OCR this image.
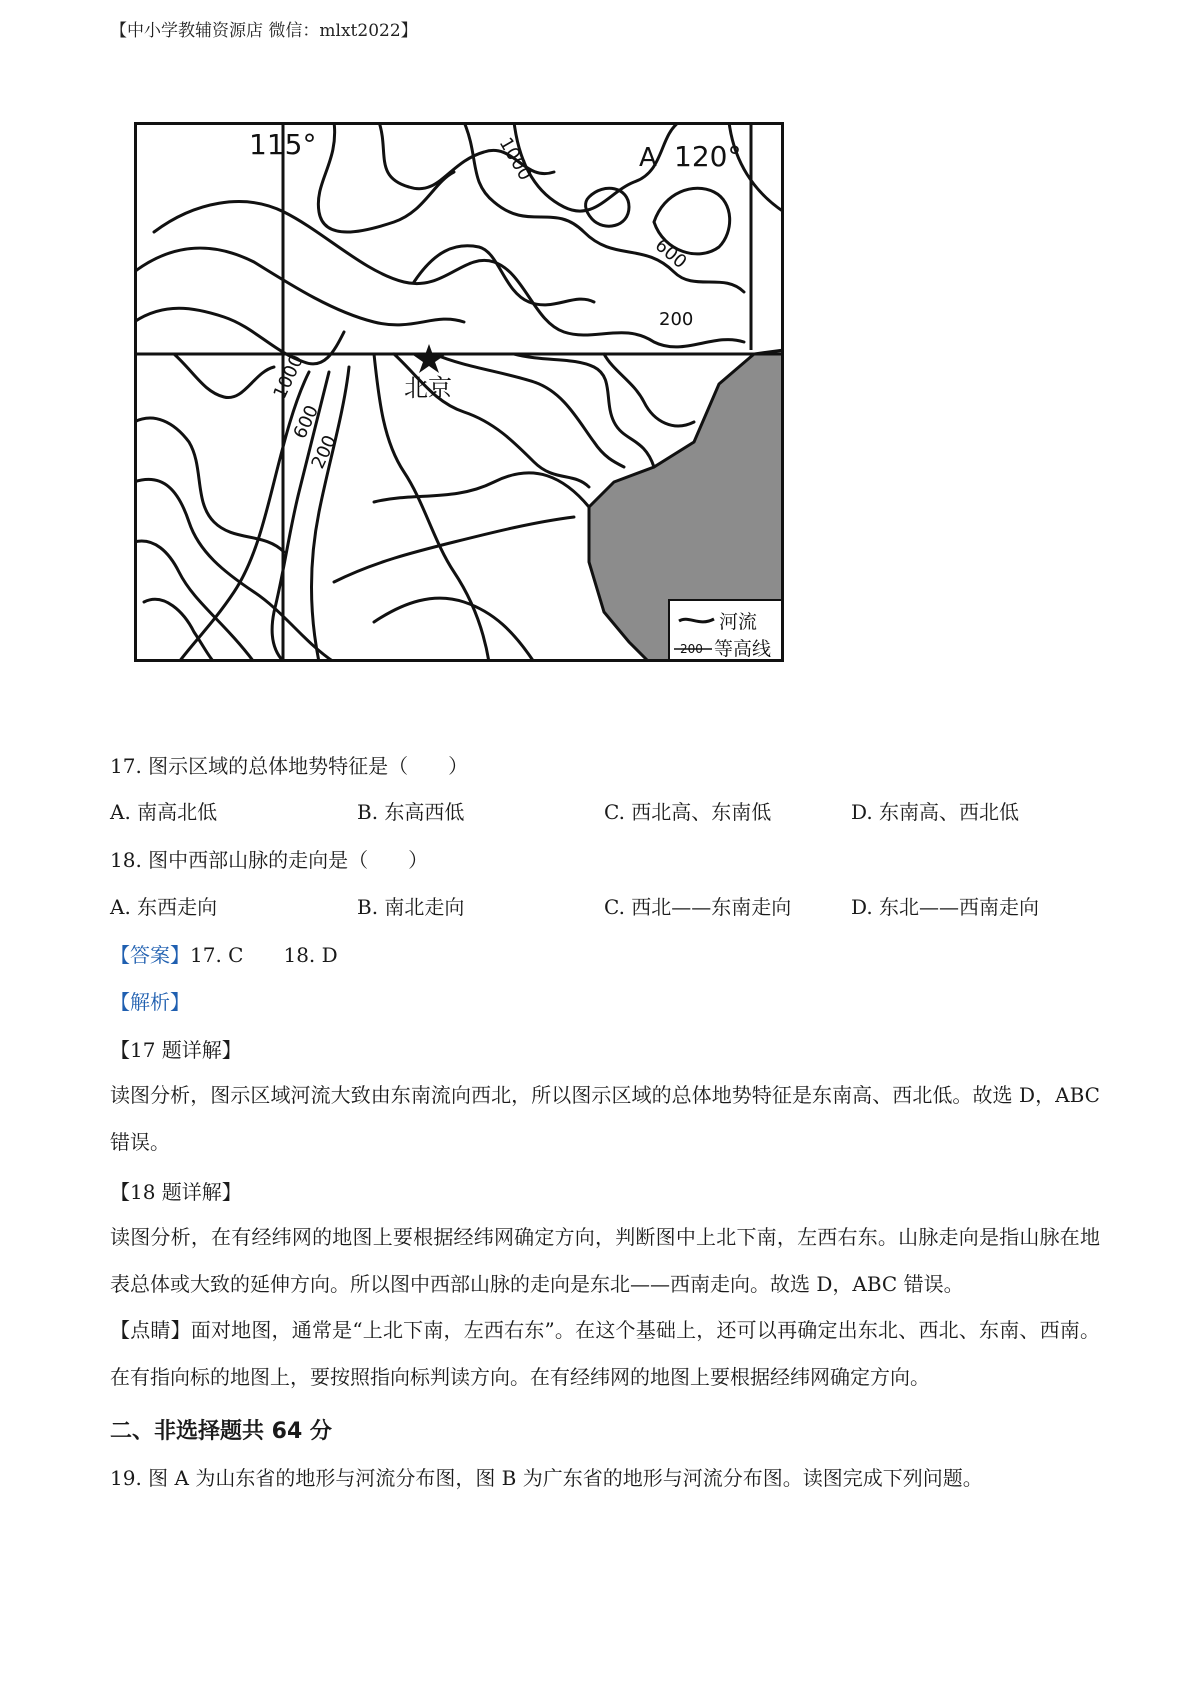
【中小学教辅资源店 微信：mlxt2022】
115°	120°
A
北京
1000
600
200
1000
600
200
河流
200 等高线
17. 图示区域的总体地势特征是（　　）
A. 南高北低	B. 东高西低	C. 西北高、东南低	D. 东南高、西北低
18. 图中西部山脉的走向是（　　）
A. 东西走向	B. 南北走向	C. 西北——东南走向	D. 东北——西南走向
【答案】17. C　　18. D
【解析】
【17 题详解】
读图分析，图示区域河流大致由东南流向西北，所以图示区域的总体地势特征是东南高、西北低。故选 D，ABC 错误。
【18 题详解】
读图分析，在有经纬网的地图上要根据经纬网确定方向，判断图中上北下南，左西右东。山脉走向是指山脉在地表总体或大致的延伸方向。所以图中西部山脉的走向是东北——西南走向。故选 D，ABC 错误。
【点睛】面对地图，通常是“上北下南，左西右东”。在这个基础上，还可以再确定出东北、西北、东南、西南。在有指向标的地图上，要按照指向标判读方向。在有经纬网的地图上要根据经纬网确定方向。
二、非选择题共 64 分
19. 图 A 为山东省的地形与河流分布图，图 B 为广东省的地形与河流分布图。读图完成下列问题。
